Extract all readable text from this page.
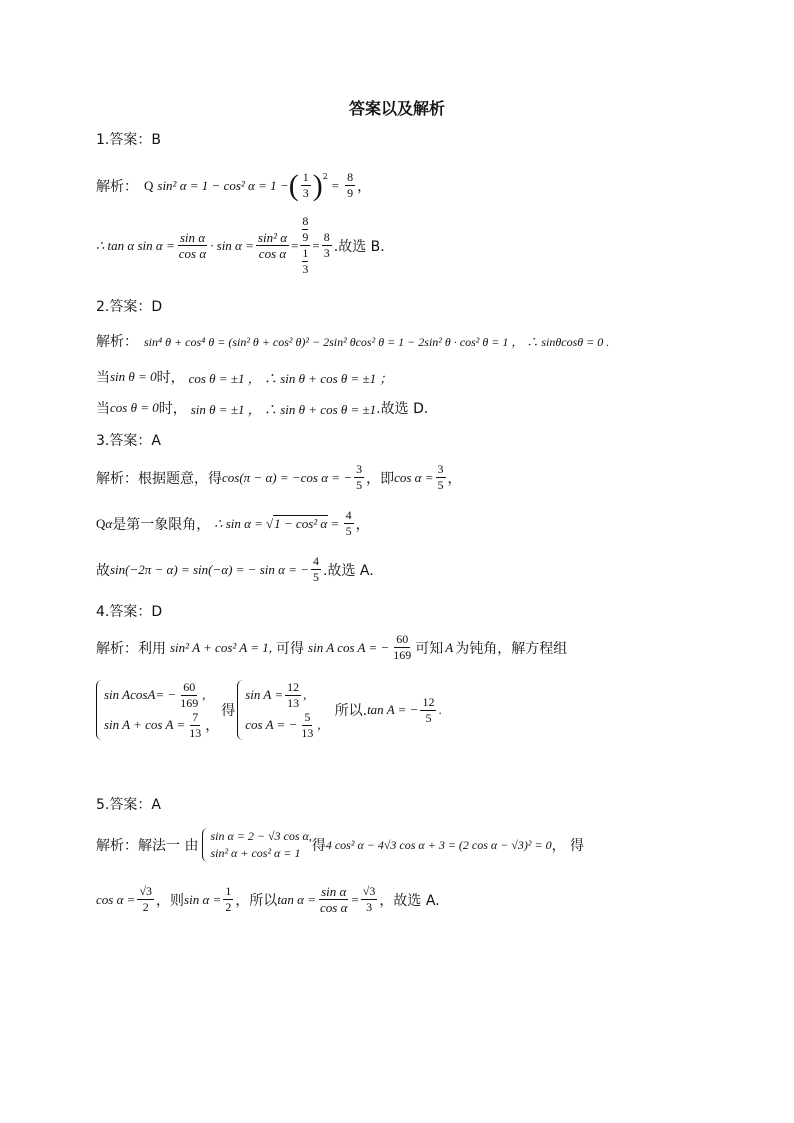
答案以及解析
1.答案：B
解析： Q sin² α = 1 − cos² α = 1 − ( $\frac{1}{3}$ ) 2
= $\frac{8}{9}$ ，
∴ tan α $\sin \alpha = \frac{\text{sin α}}{\text{cos α}} \cdot \sin \alpha = \frac{\text{sin² α}}{\text{cos α}} = 8$
9
1
$3 = \frac{8}{3}$ .故选 B.
2.答案：D
解析： sin⁴ θ + cos⁴ θ = (sin² θ + cos² θ)² − 2sin² θcos² θ = 1 − 2sin² θ · cos² θ = 1 ， ∴ sinθcosθ = 0 .
当 sin θ = 0 时， cos θ = ±1 ， ∴ sin θ + cos θ = ±1 ；
当 cos θ = 0 时， sin θ = ±1 ， ∴ sin θ + cos θ = ±1 .故选 D.
3.答案：A
解析：根据题意，得 cos(π − α) = −cos α = − $\frac{3}{5}$ ，即 $\cos \alpha = \frac{3}{5}$ ，
Q α 是第一象限角， ∴ sin α = √ 1 − cos² $\alpha = \frac{4}{5}$ ，
故 sin(−2π − α) = sin(−α) = − sin α = − $\frac{4}{5}$ .故选 A.
4.答案：D
解析：利用 sin² A + cos² A = 1, 可得 sin A cos A = − $\frac{60}{169}$ 可知 A 为钝角，解方程组
$\sin AcosA= - \frac{60}{169}$ ,
$\sin A + \cos A = \frac{7}{13}$ ，
得
$\sin A = \frac{12}{13}$ ,
cos A = − $\frac{5}{13}$ ,
所以. tan A = − $\frac{12}{5}$ .
5.答案：A
解析：解法一 由
sin α = 2 − √3 cos α,
sin² α + cos² α = 1 得 4 cos² α − 4√3 cos α + 3 = (2 cos α − √3)² = 0 ， 得
$\cos \alpha = \frac{√3}{2}$ ，则 $\sin \alpha = \frac{1}{2}$ ，所以 $\tan \alpha = \frac{\text{sin α}}{\text{cos α}} = \frac{√3}{3}$ ，故选 A.
